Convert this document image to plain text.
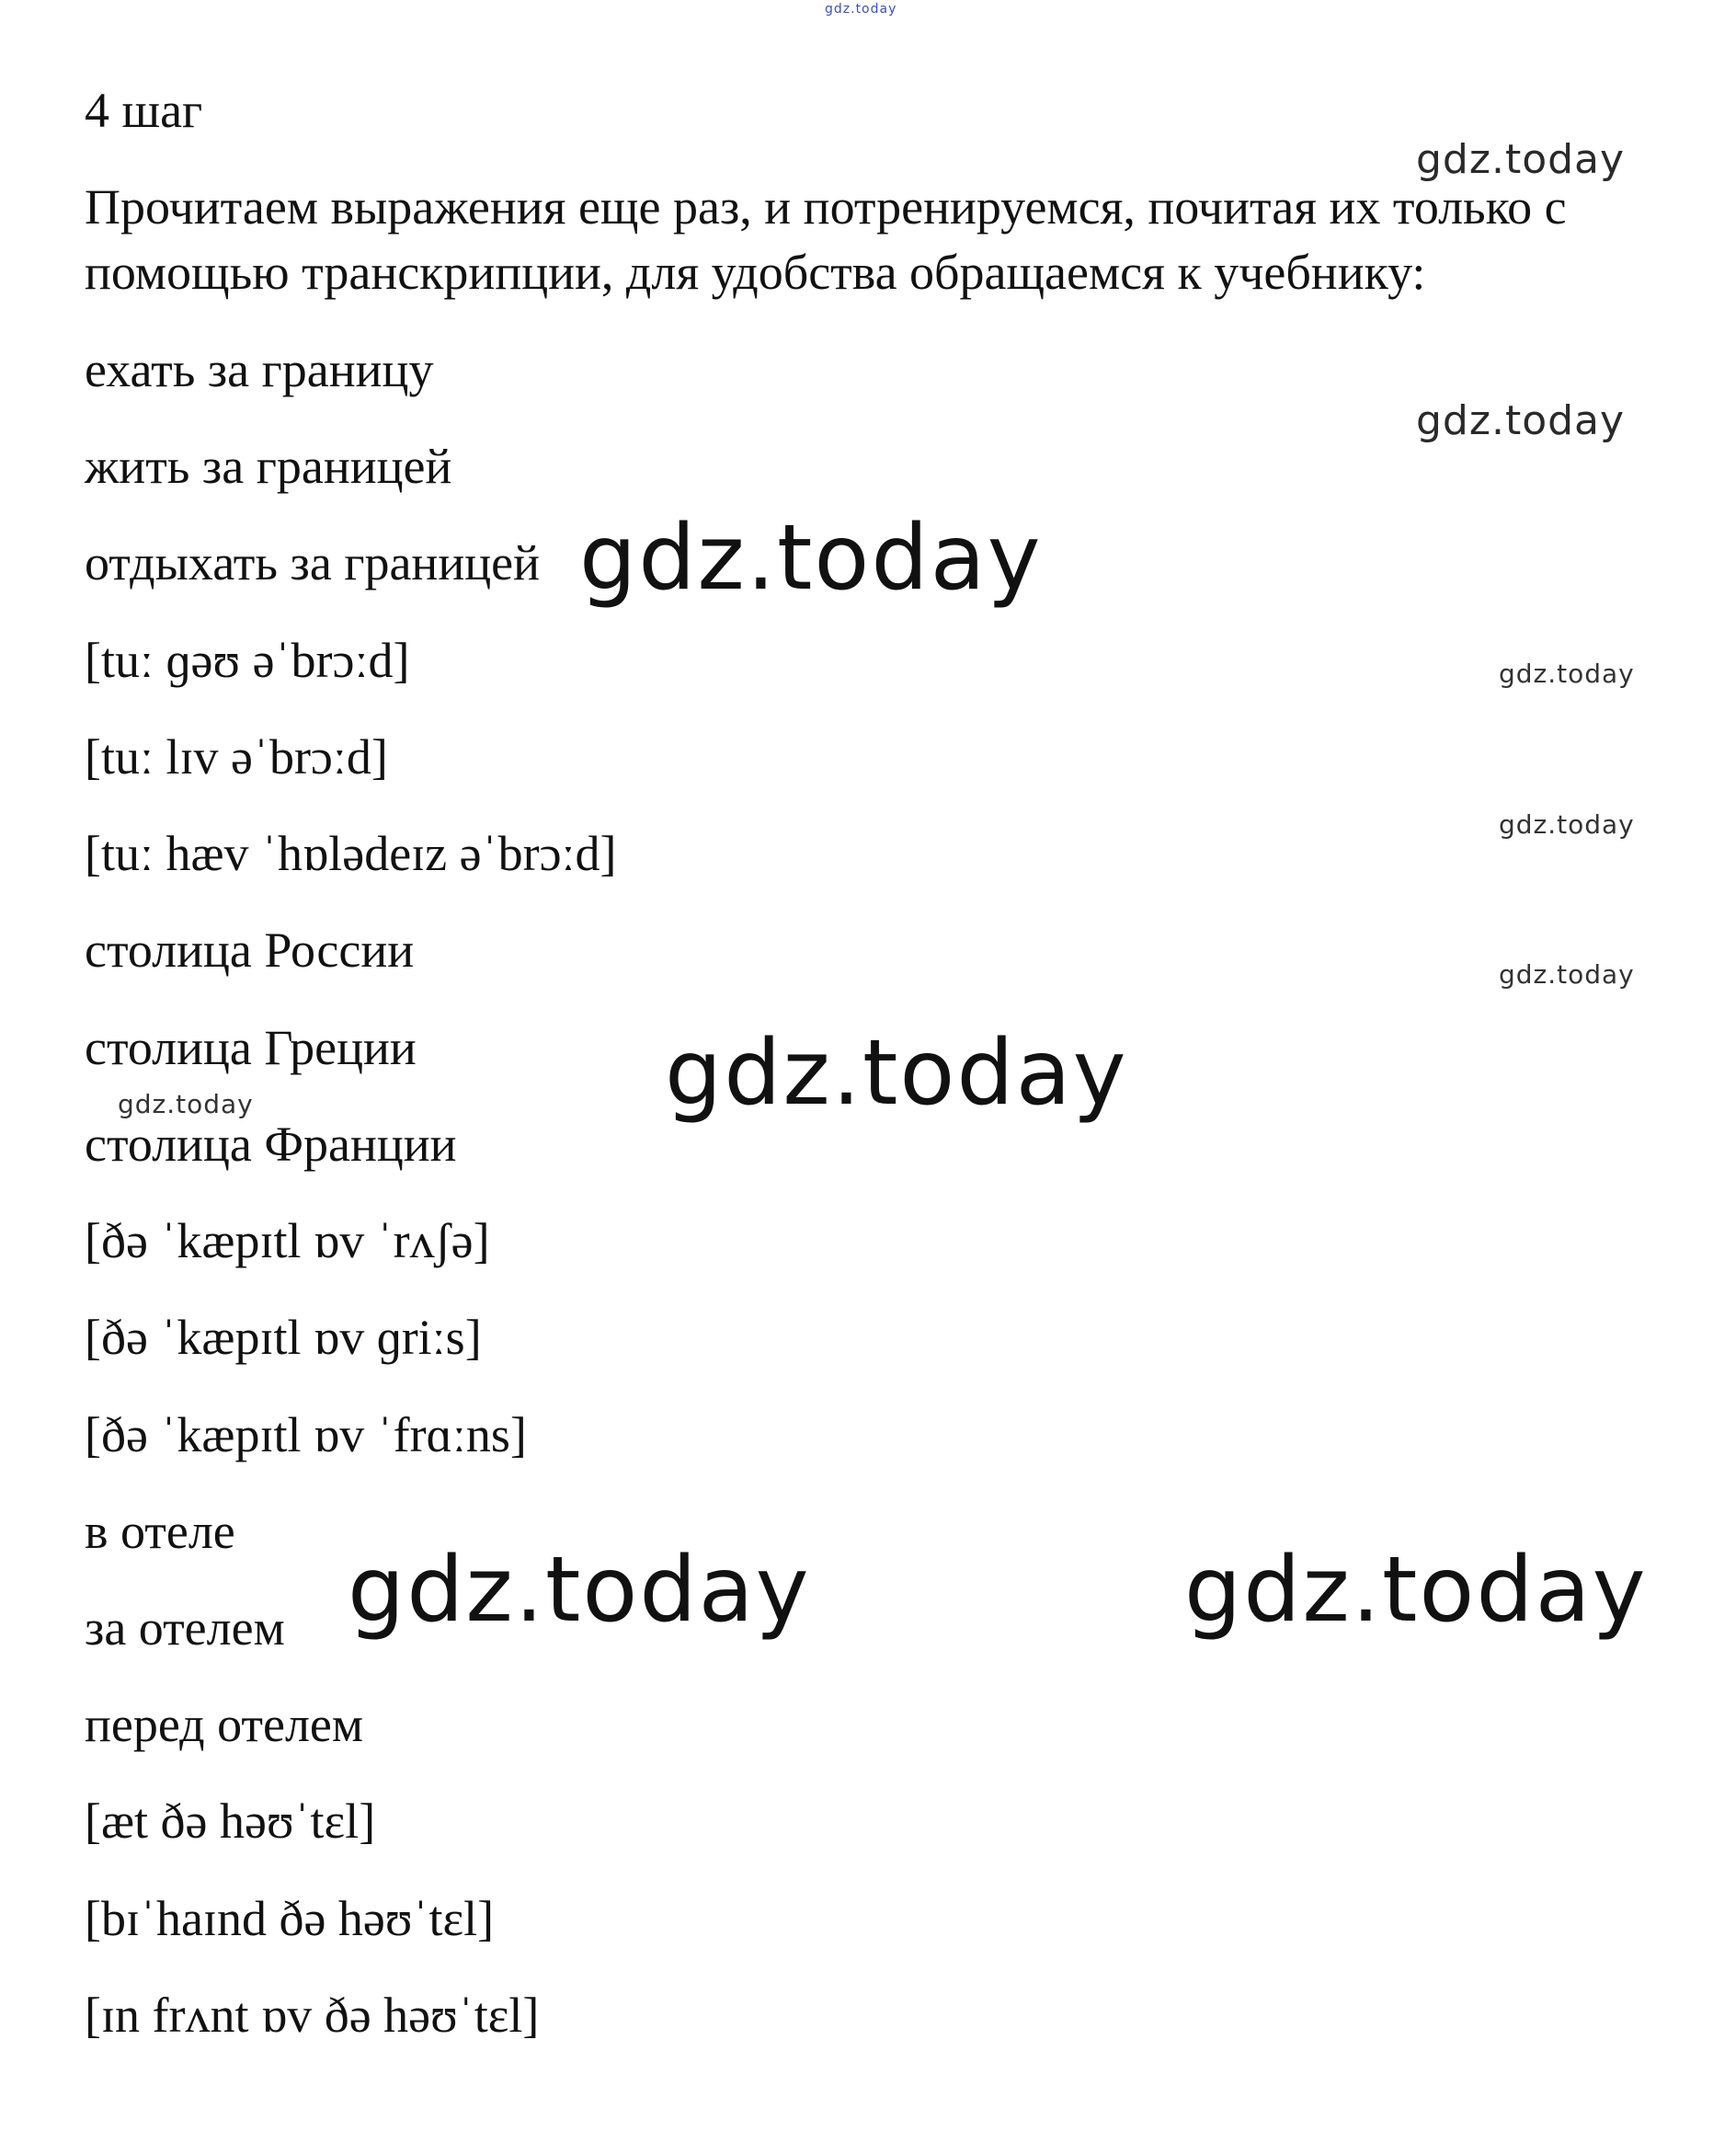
gdz.today
gdz.today
gdz.today
gdz.today
gdz.today
gdz.today
gdz.today
gdz.today
gdz.today
gdz.today	gdz.today

4 шаг

Прочитаем выражения еще раз, и потренируемся, почитая их только с

помощью транскрипции, для удобства обращаемся к учебнику:

ехать за границу

жить за границей

отдыхать за границей

[tuː ɡəʊ əˈbrɔːd]

[tuː lɪv əˈbrɔːd]

[tuː hæv ˈhɒlədeɪz əˈbrɔːd]

столица России

столица Греции

столица Франции

[ðə ˈkæpɪtl ɒv ˈrʌʃə]

[ðə ˈkæpɪtl ɒv ɡriːs]

[ðə ˈkæpɪtl ɒv ˈfrɑːns]

в отеле

за отелем

перед отелем

[æt ðə həʊˈtɛl]

[bɪˈhaɪnd ðə həʊˈtɛl]

[ɪn frʌnt ɒv ðə həʊˈtɛl]
